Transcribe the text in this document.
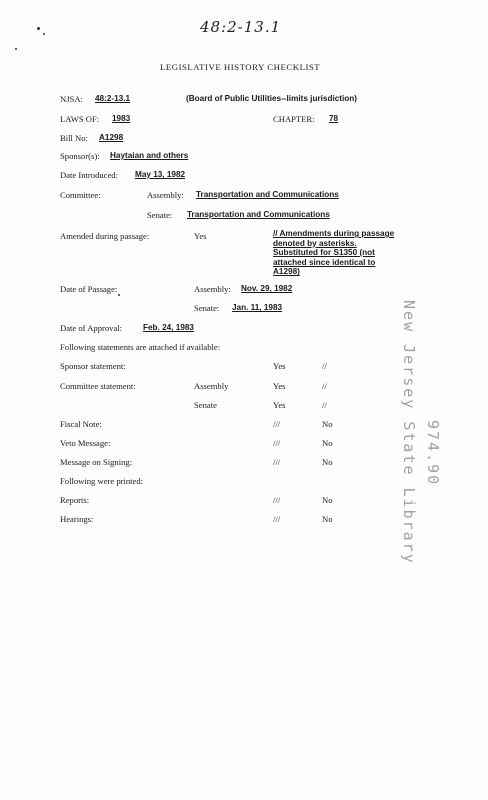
48:2-13.1
LEGISLATIVE HISTORY CHECKLIST
NJSA: 48:2-13.1	(Board of Public Utilities--limits jurisdiction)
LAWS OF: 1983	CHAPTER: 78
Bill No: A1298
Sponsor(s): Haytaian and others
Date Introduced: May 13, 1982
Committee:	Assembly: Transportation and Communications
Senate: Transportation and Communications
Amended during passage:	Yes	// Amendments during passage
denoted by asterisks.
Substituted for S1350 (not
attached since identical to
A1298)
Date of Passage:	Assembly: Nov. 29, 1982
Senate: Jan. 11, 1983
Date of Approval:	Feb. 24, 1983
Following statements are attached if available:
Sponsor statement:	Yes	//
Committee statement:	Assembly	Yes	//
Senate	Yes	//
Fiscal Note:	///	No
Veto Message:	///	No
Message on Signing:	///	No
Following were printed:
Reports:	///	No
Hearings:	///	No	New Jersey State Library 974.90
